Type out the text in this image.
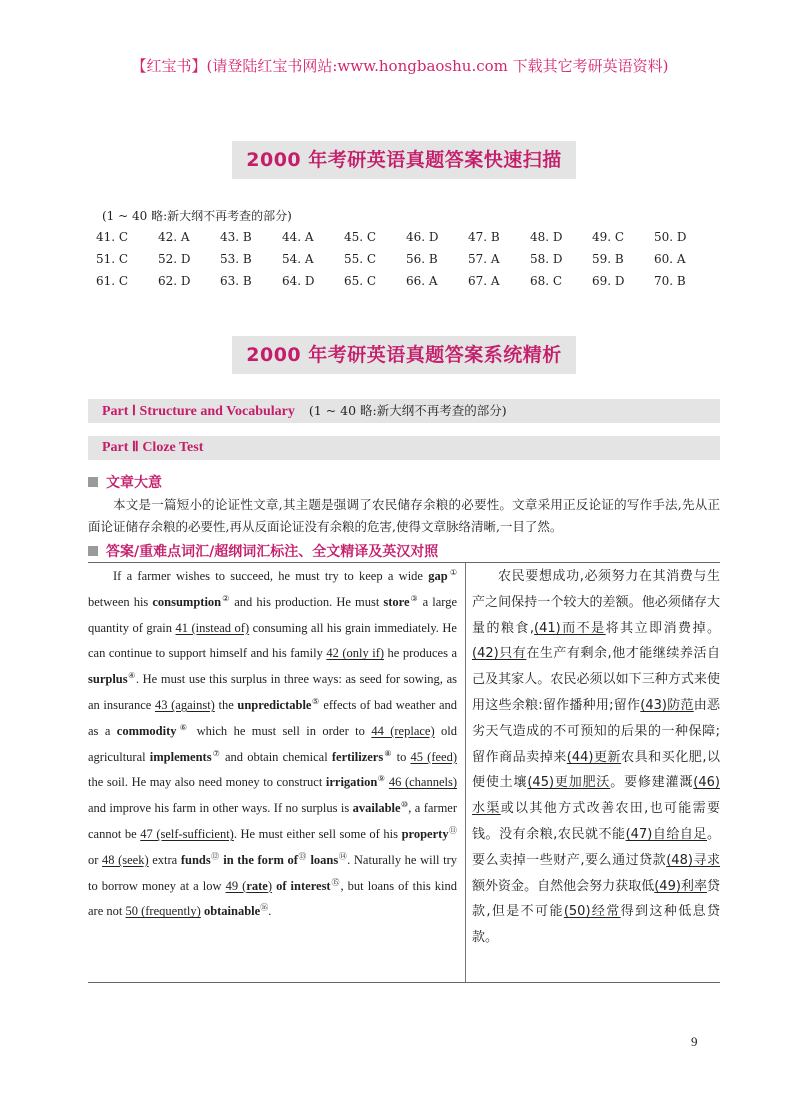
【红宝书】(请登陆红宝书网站:www.hongbaoshu.com 下载其它考研英语资料)
2000 年考研英语真题答案快速扫描
(1 ~ 40 略:新大纲不再考查的部分)
41. C	42. A	43. B	44. A	45. C	46. D	47. B	48. D	49. C	50. D
51. C	52. D	53. B	54. A	55. C	56. B	57. A	58. D	59. B	60. A
61. C	62. D	63. B	64. D	65. C	66. A	67. A	68. C	69. D	70. B
2000 年考研英语真题答案系统精析
Part Ⅰ Structure and Vocabulary (1 ~ 40 略:新大纲不再考查的部分)
Part Ⅱ Cloze Test
文章大意
本文是一篇短小的论证性文章,其主题是强调了农民储存余粮的必要性。文章采用正反论证的写作手法,先从正面论证储存余粮的必要性,再从反面论证没有余粮的危害,使得文章脉络清晰,一目了然。
答案/重难点词汇/超纲词汇标注、全文精译及英汉对照

If a farmer wishes to succeed, he must try to keep a wide gap① between his consumption② and his production. He must store③ a large quantity of grain 41 (instead of) consuming all his grain immediately. He can continue to support himself and his family 42 (only if) he produces a surplus④. He must use this surplus in three ways: as seed for sowing, as an insurance 43 (against) the unpredictable⑤ effects of bad weather and as a commodity⑥ which he must sell in order to 44 (replace) old agricultural implements⑦ and obtain chemical fertilizers⑧ to 45 (feed) the soil. He may also need money to construct irrigation⑨ 46 (channels) and improve his farm in other ways. If no surplus is available⑩, a farmer cannot be 47 (self-sufficient). He must either sell some of his property⑪ or 48 (seek) extra funds⑫ in the form of⑬ loans⑭. Naturally he will try to borrow money at a low 49 (rate) of interest⑮, but loans of this kind are not 50 (frequently) obtainable⑯.

农民要想成功,必须努力在其消费与生产之间保持一个较大的差额。他必须储存大量的粮食,(41)而不是将其立即消费掉。(42)只有在生产有剩余,他才能继续养活自己及其家人。农民必须以如下三种方式来使用这些余粮:留作播种用;留作(43)防范由恶劣天气造成的不可预知的后果的一种保障;留作商品卖掉来(44)更新农具和买化肥,以便使土壤(45)更加肥沃。要修建灌溉(46)水渠或以其他方式改善农田,也可能需要钱。没有余粮,农民就不能(47)自给自足。要么卖掉一些财产,要么通过贷款(48)寻求额外资金。自然他会努力获取低(49)利率贷款,但是不可能(50)经常得到这种低息贷款。

9
